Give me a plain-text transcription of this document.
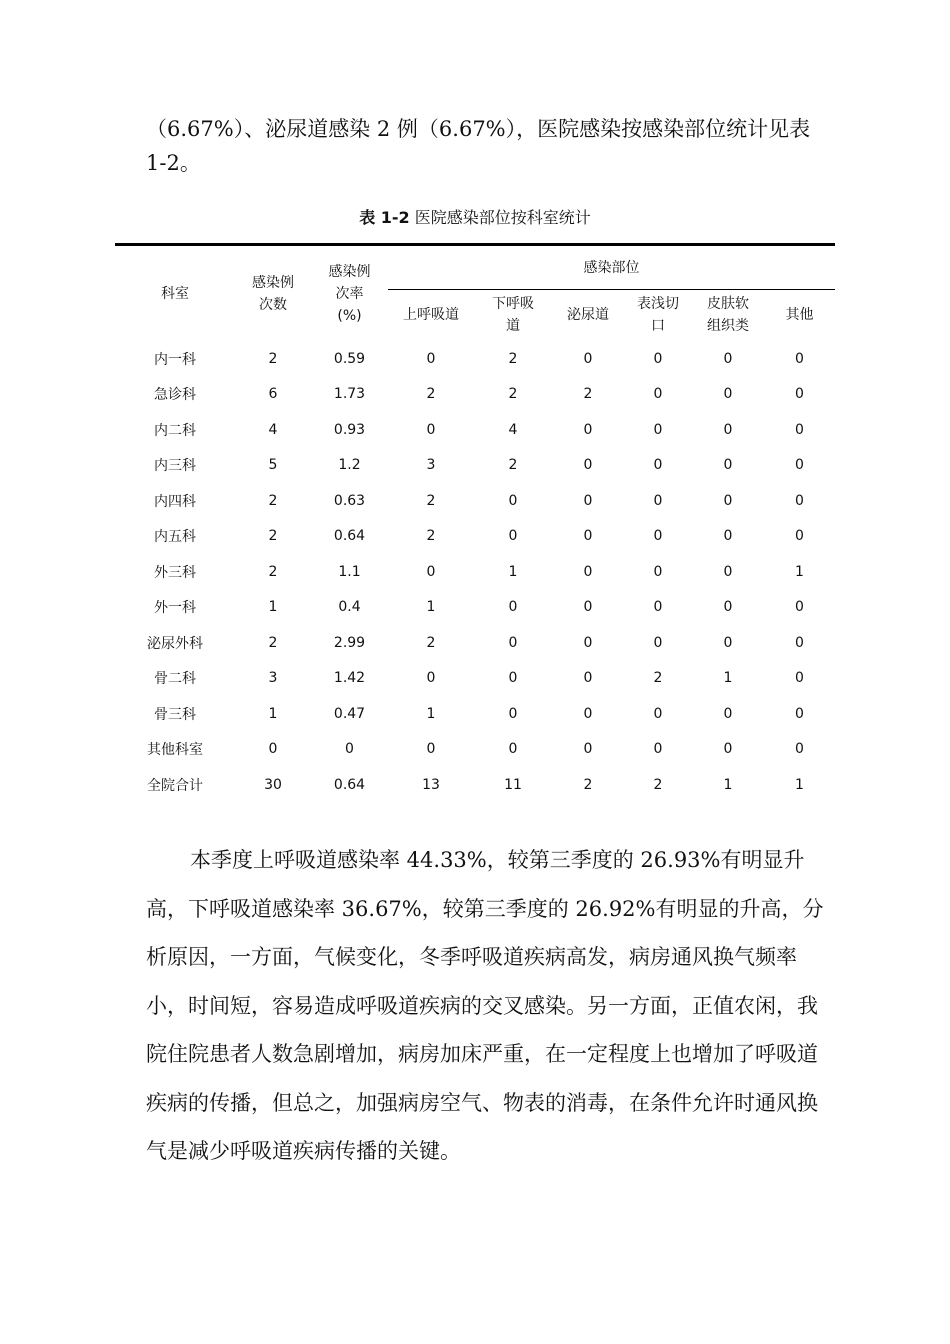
（6.67%）、泌尿道感染 2 例（6.67%），医院感染按感染部位统计见表 1-2。

表 1-2 医院感染部位按科室统计
科室	感染例次数	感染例次率(%)	感染部位					

			上呼吸道	下呼吸道	泌尿道	表浅切口	皮肤软组织类	其他

内一科	2	0.59	0	2	0	0	0	0
急诊科	6	1.73	2	2	2	0	0	0
内二科	4	0.93	0	4	0	0	0	0
内三科	5	1.2	3	2	0	0	0	0
内四科	2	0.63	2	0	0	0	0	0
内五科	2	0.64	2	0	0	0	0	0
外三科	2	1.1	0	1	0	0	0	1
外一科	1	0.4	1	0	0	0	0	0
泌尿外科	2	2.99	2	0	0	0	0	0
骨二科	3	1.42	0	0	0	2	1	0
骨三科	1	0.47	1	0	0	0	0	0
其他科室	0	0	0	0	0	0	0	0
全院合计	30	0.64	13	11	2	2	1	1

本季度上呼吸道感染率 44.33%，较第三季度的 26.93%有明显升高，下呼吸道感染率 36.67%，较第三季度的 26.92%有明显的升高，分析原因，一方面，气候变化，冬季呼吸道疾病高发，病房通风换气频率小，时间短，容易造成呼吸道疾病的交叉感染。另一方面，正值农闲，我院住院患者人数急剧增加，病房加床严重，在一定程度上也增加了呼吸道疾病的传播，但总之，加强病房空气、物表的消毒，在条件允许时通风换气是减少呼吸道疾病传播的关键。
